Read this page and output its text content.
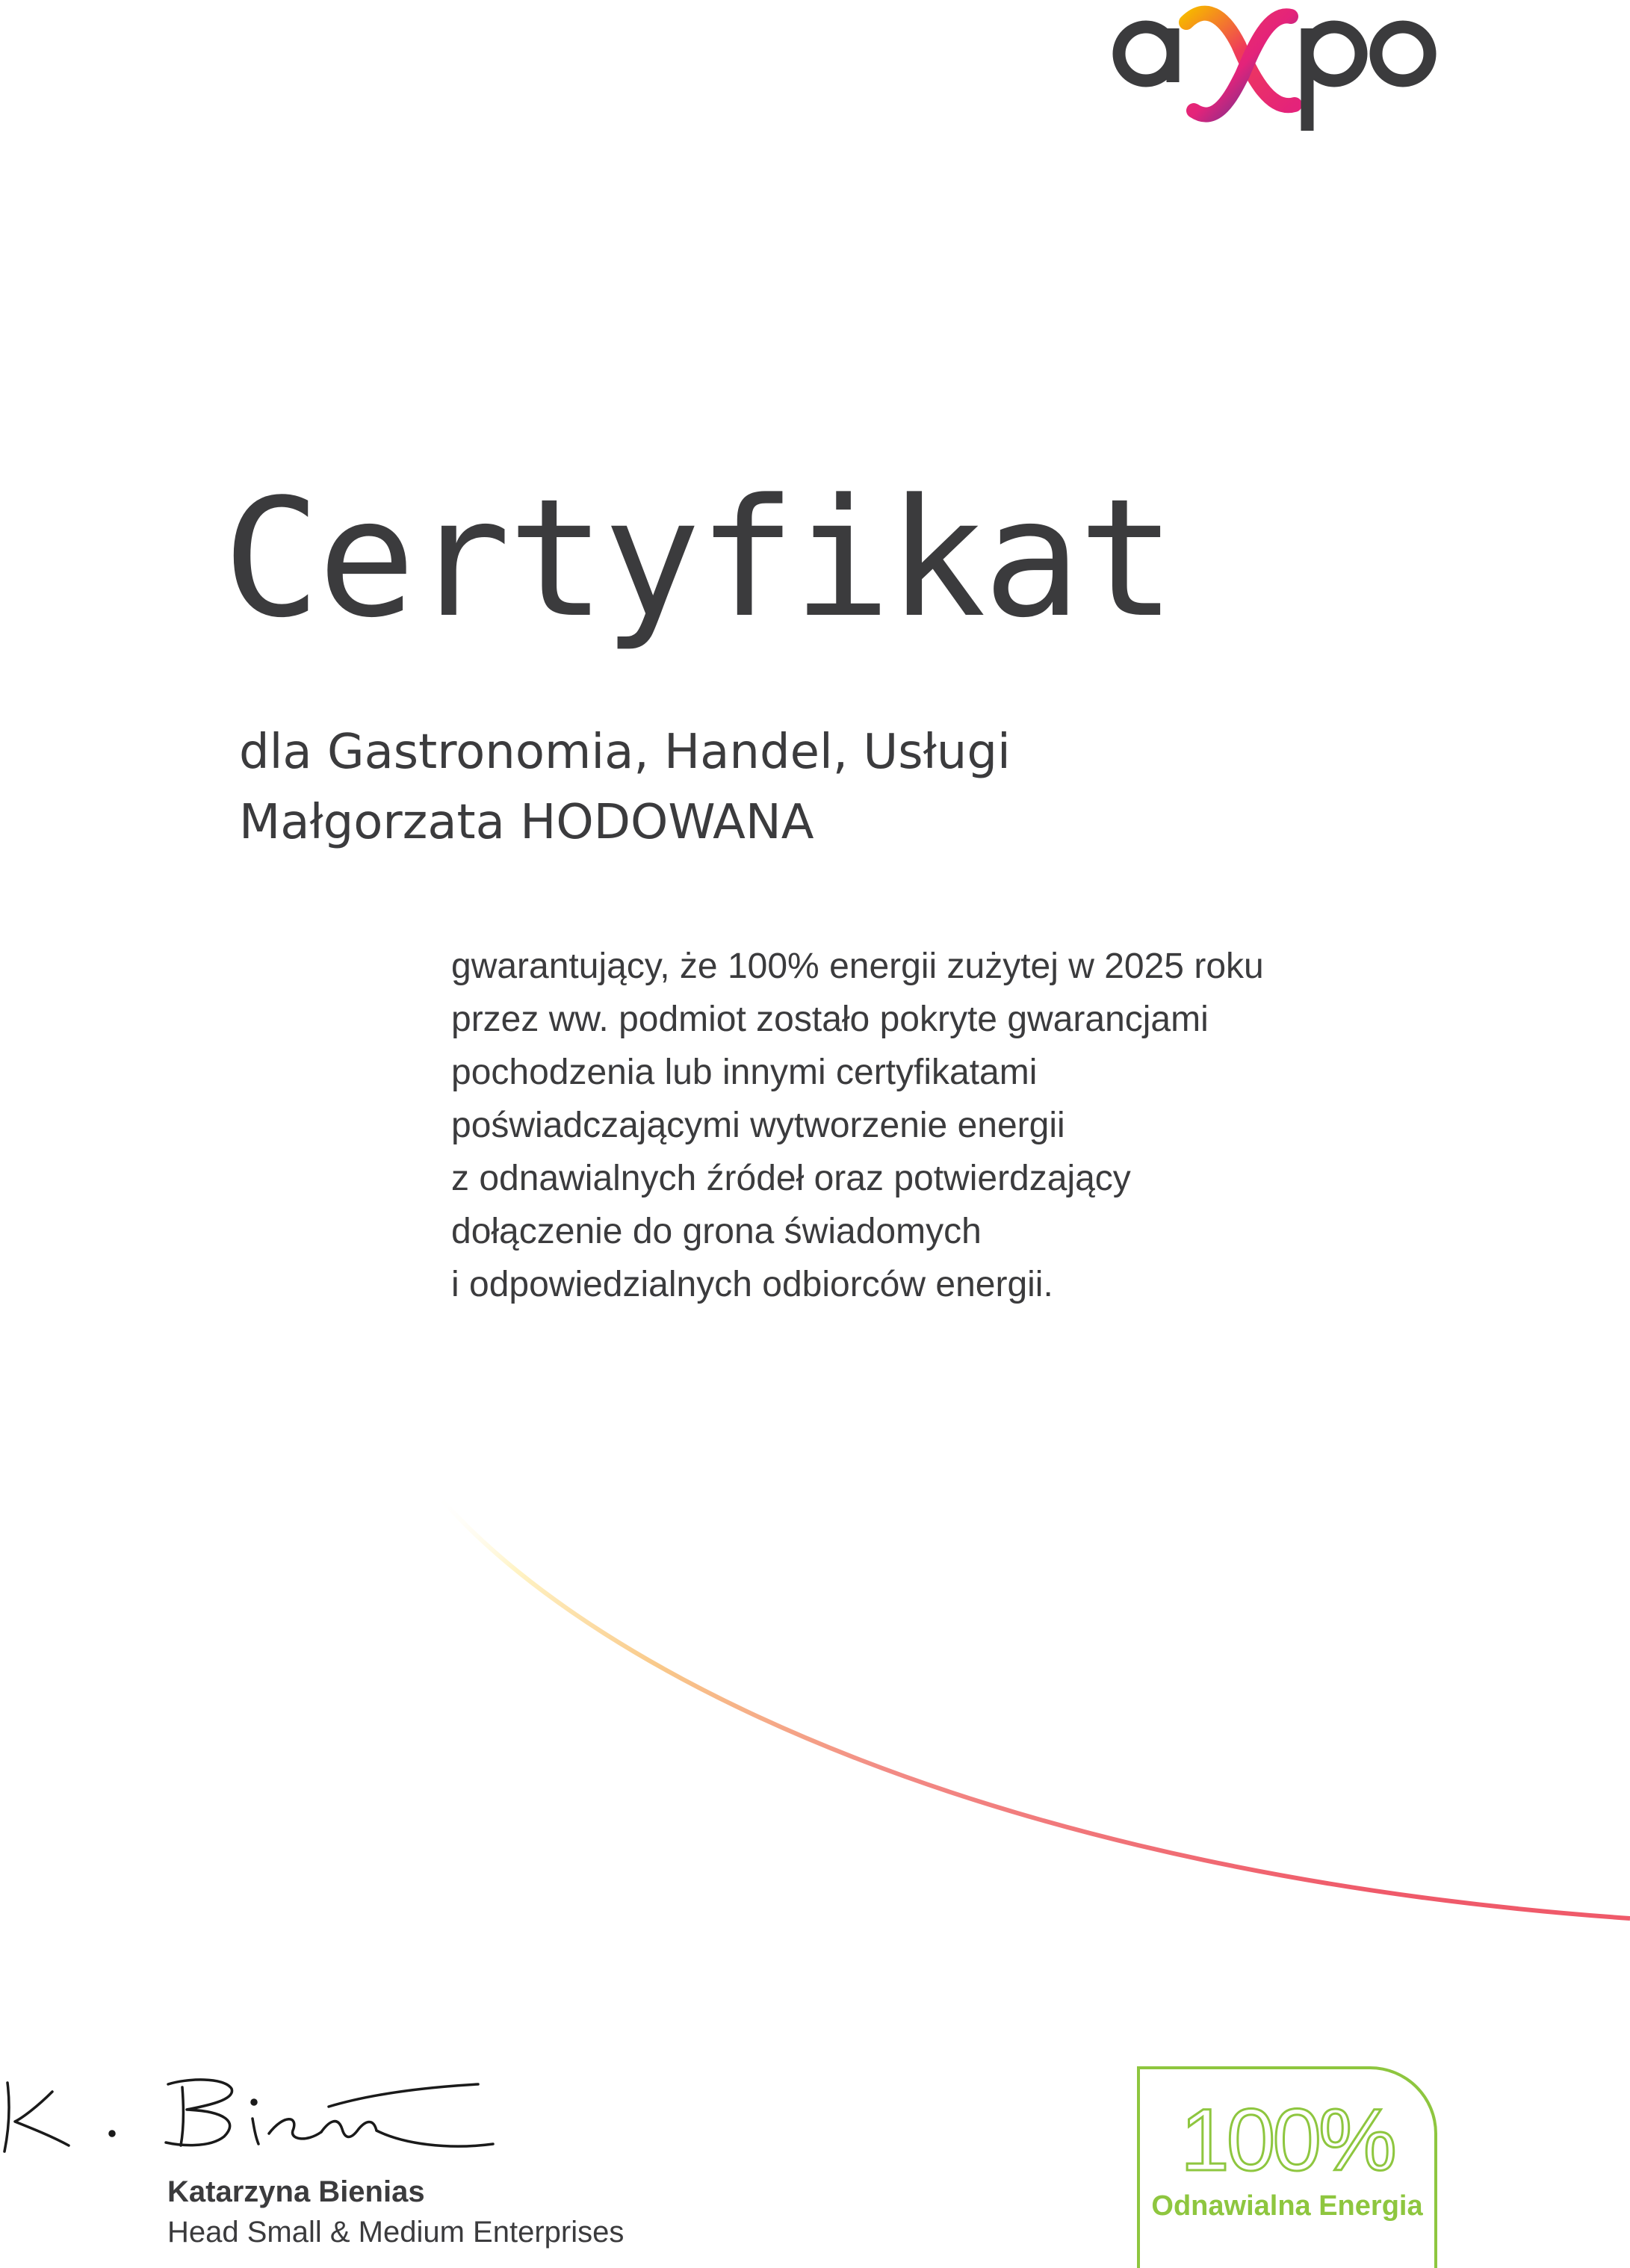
Certyfikat
dla Gastronomia, Handel, Usługi
Małgorzata HODOWANA
gwarantujący, że 100% energii zużytej w 2025 roku
przez ww. podmiot zostało pokryte gwarancjami
pochodzenia lub innymi certyfikatami
poświadczającymi wytworzenie energii
z odnawialnych źródeł oraz potwierdzający
dołączenie do grona świadomych
i odpowiedzialnych odbiorców energii.
Katarzyna Bienias
Head Small & Medium Enterprises
100%
Odnawialna Energia
